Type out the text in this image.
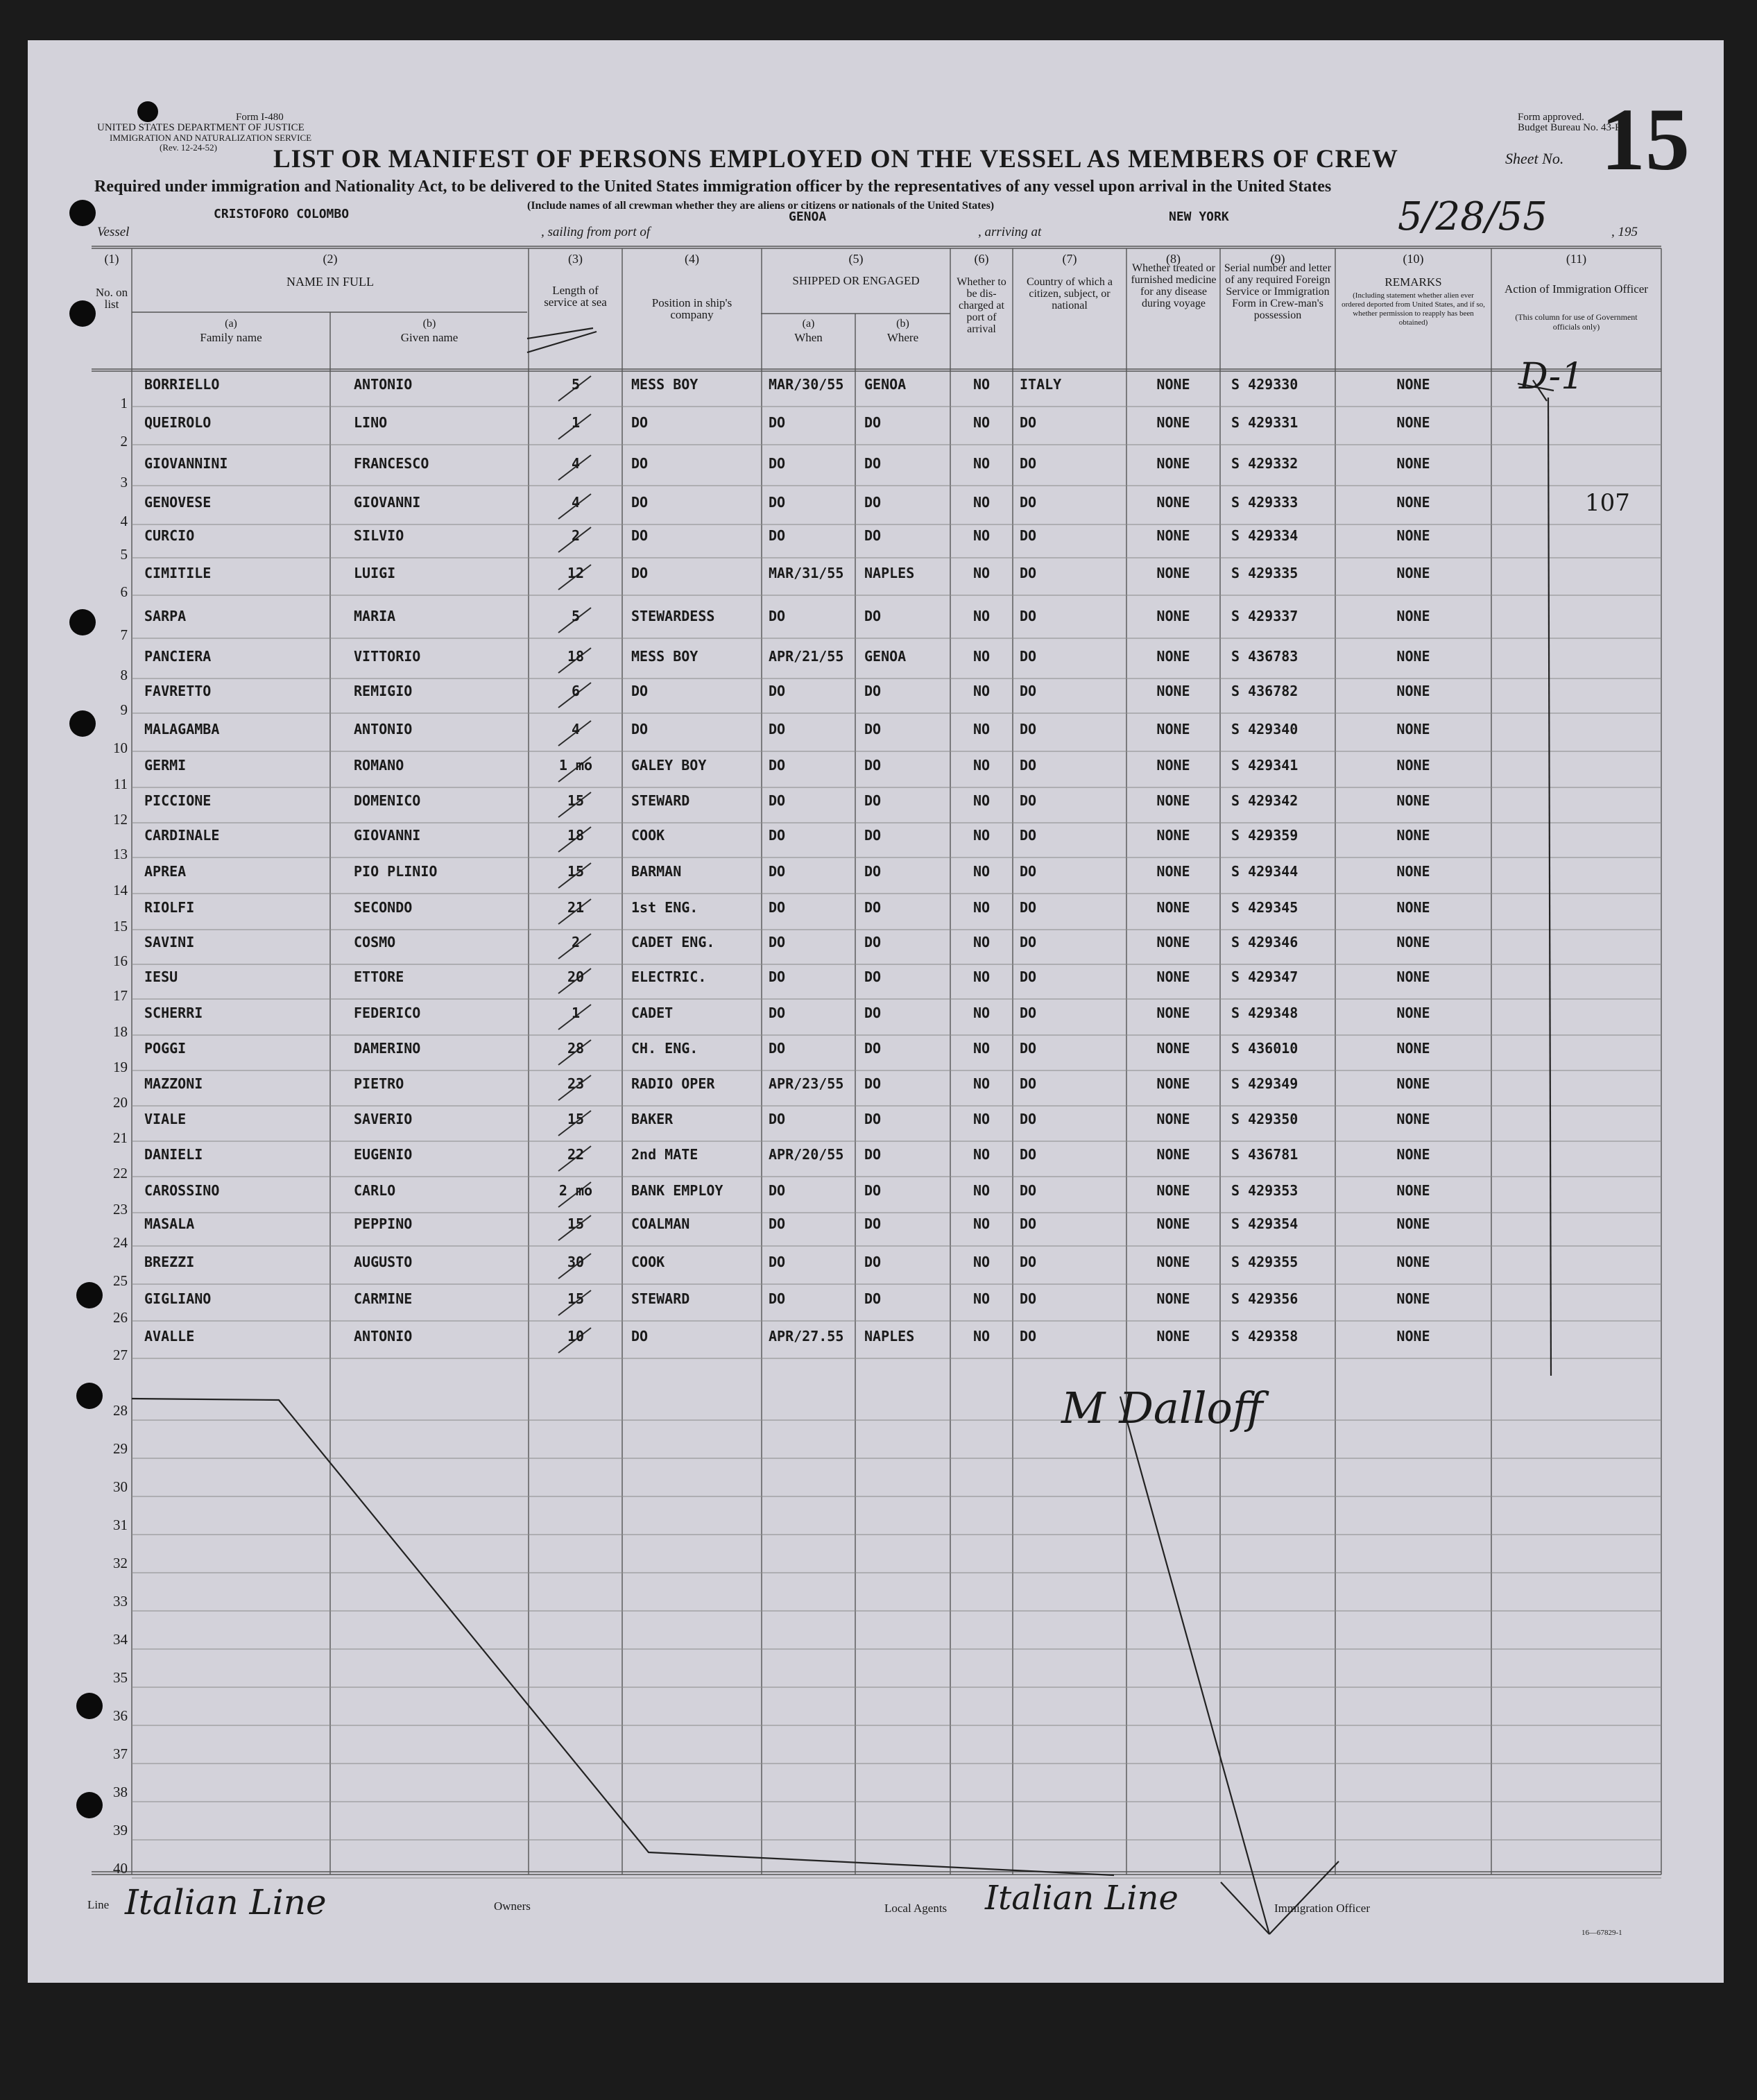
Form I-480
UNITED STATES DEPARTMENT OF JUSTICE
IMMIGRATION AND NATURALIZATION SERVICE
(Rev. 12-24-52)
Form approved.
Budget Bureau No. 43-R
Sheet No. 15
LIST OR MANIFEST OF PERSONS EMPLOYED ON THE VESSEL AS MEMBERS OF CREW
Required under immigration and Nationality Act, to be delivered to the United States immigration officer by the representatives of any vessel upon arrival in the United States
(Include names of all crewman whether they are aliens or citizens or nationals of the United States)
Vessel
CRISTOFORO COLOMBO
, sailing from port of
GENOA
, arriving at
NEW YORK	5/28/55	, 195
(1)	(2)	(3)	(4)	(5)	(6)	(7)	(8)	(9)	(10)	(11)
No. on list
NAME IN FULL
(a)
Family name
(b)
Given name
Length of service at sea	Position in ship's company
SHIPPED OR ENGAGED
(a)
When
(b)
Where
Whether to be dis-charged at port of arrival
Country of which a citizen, subject, or national
Whether treated or furnished medicine for any disease during voyage
Serial number and letter of any required Foreign Service or Immigration Form in Crew-man's possession
REMARKS
(Including statement whether alien ever ordered deported from United States, and if so, whether permission to reapply has been obtained)
Action of Immigration Officer
(This column for use of Government officials only)
1
BORRIELLO	ANTONIO	5	MESS BOY	MAR/30/55 GENOA	NO	ITALY	NONE	S 429330	NONE
2
QUEIROLO	LINO	1	DO	DO	DO	NO	DO	NONE	S 429331	NONE
3
GIOVANNINI	FRANCESCO	4	DO	DO	DO	NO	DO	NONE	S 429332	NONE
4
GENOVESE	GIOVANNI	4	DO	DO	DO	NO	DO	NONE	S 429333	NONE
5
CURCIO	SILVIO	2	DO	DO	DO	NO	DO	NONE	S 429334	NONE
6
CIMITILE	LUIGI	12	DO	MAR/31/55 NAPLES	NO	DO	NONE	S 429335	NONE
7
SARPA	MARIA	5	STEWARDESS	DO	DO	NO	DO	NONE	S 429337	NONE
8
PANCIERA	VITTORIO	18	MESS BOY	APR/21/55 GENOA	NO	DO	NONE	S 436783	NONE
9
FAVRETTO	REMIGIO	6	DO	DO	DO	NO	DO	NONE	S 436782	NONE
10
MALAGAMBA	ANTONIO	4	DO	DO	DO	NO	DO	NONE	S 429340	NONE
11
GERMI	ROMANO	1 mo	GALEY BOY	DO	DO	NO	DO	NONE	S 429341	NONE
12
PICCIONE	DOMENICO	15	STEWARD	DO	DO	NO	DO	NONE	S 429342	NONE
13
CARDINALE	GIOVANNI	18	COOK	DO	DO	NO	DO	NONE	S 429359	NONE
14
APREA	PIO PLINIO	15	BARMAN	DO	DO	NO	DO	NONE	S 429344	NONE
15
RIOLFI	SECONDO	21	1st ENG.	DO	DO	NO	DO	NONE	S 429345	NONE
16
SAVINI	COSMO	2	CADET ENG.	DO	DO	NO	DO	NONE	S 429346	NONE
17
IESU	ETTORE	20	ELECTRIC.	DO	DO	NO	DO	NONE	S 429347	NONE
18
SCHERRI	FEDERICO	1	CADET	DO	DO	NO	DO	NONE	S 429348	NONE
19
POGGI	DAMERINO	28	CH. ENG.	DO	DO	NO	DO	NONE	S 436010	NONE
20
MAZZONI	PIETRO	23	RADIO OPER	APR/23/55 DO	NO	DO	NONE	S 429349	NONE
21
VIALE	SAVERIO	15	BAKER	DO	DO	NO	DO	NONE	S 429350	NONE
22
DANIELI	EUGENIO	22	2nd MATE	APR/20/55 DO	NO	DO	NONE	S 436781	NONE
23
CAROSSINO	CARLO	2 mo	BANK EMPLOY	DO	DO	NO	DO	NONE	S 429353	NONE
24
MASALA	PEPPINO	15	COALMAN	DO	DO	NO	DO	NONE	S 429354	NONE
25
BREZZI	AUGUSTO	30	COOK	DO	DO	NO	DO	NONE	S 429355	NONE
26
GIGLIANO	CARMINE	15	STEWARD	DO	DO	NO	DO	NONE	S 429356	NONE
27
AVALLE	ANTONIO	10	DO	APR/27.55 NAPLES	NO	DO	NONE	S 429358	NONE
28
29
30
31
32
33
34
35
36
37
38
39
40
D-1
107
M Dalloff
Line Italian Line	Owners	Local Agents Italian Line	Immigration Officer
16—67829-1
